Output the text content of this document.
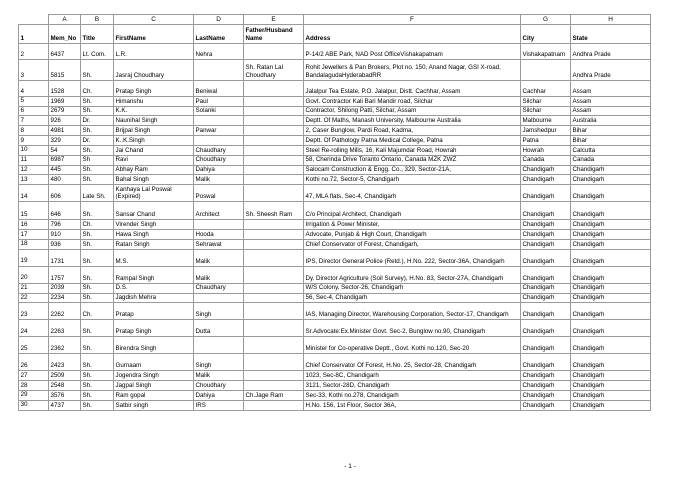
	A	B	C	D	E	F	G	H
1	Mem_No	Title	FirstName	LastName	Father/Husband Name	Address	City	State
2	6437	Lt. Com.	L.R.	Nehra		P-14/2 ABE Park, NAD Post OfficeVishakapatnam	Vishakapatnam	Andhra Prade
3	5815	Sh.	Jasraj Choudhary		Sh. Ratan Lal Choudhary	Rohit Jewellers & Pan Brokers, Plot no. 150, Anand Nagar, GSI X-road, BandalagudaHyderabadRR		Andhra Prade
4	1528	Ch.	Pratap Singh	Beniwal		Jalalpur Tea Estate, P.O. Jalalpur, Distt. Cachhar, Assam	Cachhar	Assam
5	1969	Sh.	Himanshu	Paul		Govt. Contractor Kali Bari Mandir road, Silchar	Silchar	Assam
6	2679	Sh.	K.K.	Solanki		Contractor, Shilong Patti, Silchar, Assam	Silchar	Assam
7	926	Dr.	Naunihal Singh			Deptt. Of Maths, Manash University, Malbourne Australia	Malbourne	Australia
8	4981	Sh.	Brijpal Singh	Panwar		2, Caser Bunglow, Pardi Road, Kadma,	Jamshedpur	Bihar
9	329	Dr.	K..K.Singh			Deptt. Of Pathology Patna Medical College, Patna	Patna	Bihar
10	54	Sh.	Jai Chand	Chaudhary		Steel Re-rolling Mills, 16, Kali Majumdar Road, Howrah	Howrah	Calcutta
11	6987	Sh	Ravi	Choudhary		58, Cherinda Drive Toranto Ontario, Canada MZK ZWZ	Canada	Canada
12	445	Sh.	Abhay Ram	Dahiya		Salocam Construction & Engg. Co., 329, Sector-21A,	Chandigarh	Chandigarh
13	480	Sh.	Bahal Singh	Malik		Kothi no.72, Sector-5, Chandigarh	Chandigarh	Chandigarh
14	606	Late Sh.	Kanhaya Lal Poswal (Expired)	Poswal		47, MLA flats, Sec-4, Chandigarh	Chandigarh	Chandigarh
15	646	Sh.	Sansar Chand	Architect	Sh. Sheesh Ram	C/o Principal Architect, Chandigarh	Chandigarh	Chandigarh
16	796	Ch.	Virender Singh			Irrigation & Power Minister,	Chandigarh	Chandigarh
17	910	Sh.	Hawa Singh	Hooda		Advocate, Punjab & High Court, Chandigarh	Chandigarh	Chandigarh
18	936	Sh.	Ratan Singh	Sehrawat		Chief Conservator of Forest, Chandigarh,	Chandigarh	Chandigarh
19	1731	Sh.	M.S.	Malik		IPS, Director General Police (Retd.), H.No. 222, Sector-36A, Chandigarh	Chandigarh	Chandigarh
20	1757	Sh.	Rampal Singh	Malik		Dy. Director Agriculture (Soil Survey), H.No. 83, Sector-27A, Chandigarh	Chandigarh	Chandigarh
21	2039	Sh.	D.S.	Chaudhary		W/S Colony, Sector-26, Chandigarh	Chandigarh	Chandigarh
22	2234	Sh.	Jagdish Mehra			56, Sec-4, Chandigarh	Chandigarh	Chandigarh
23	2262	Ch.	Pratap	Singh		IAS, Managing Director, Warehousing Corporation, Sector-17, Chandigarh	Chandigarh	Chandigarh
24	2263	Sh.	Pratap Singh	Dutta		Sr.Advocate:Ex.Minister Govt. Sec-2, Bunglow no.90, Chandigarh	Chandigarh	Chandigarh
25	2362	Sh.	Birendra Singh			Minister for Co-operative Deptt., Govt. Kothi no.120, Sec-20	Chandigarh	Chandigarh
26	2423	Sh.	Gurnaam	Singh		Chief Conservator Of Forest, H.No. 25, Sector-28, Chandigarh	Chandigarh	Chandigarh
27	2509	Sh.	Jogendra Singh	Malik		1023, Sec-8C, Chandigarh	Chandigarh	Chandigarh
28	2548	Sh.	Jagpal Singh	Choudhary		3121, Sector-28D, Chandigarh	Chandigarh	Chandigarh
29	3576	Sh.	Ram gopal	Dahiya	Ch.Jage Ram	Sec-33, Kothi no.278, Chandigarh	Chandigarh	Chandigarh
30	4737	Sh.	Satbir singh	IRS		H.No. 156, 1st Floor, Sector 36A,	Chandigarh	Chandigarh
- 1 -
